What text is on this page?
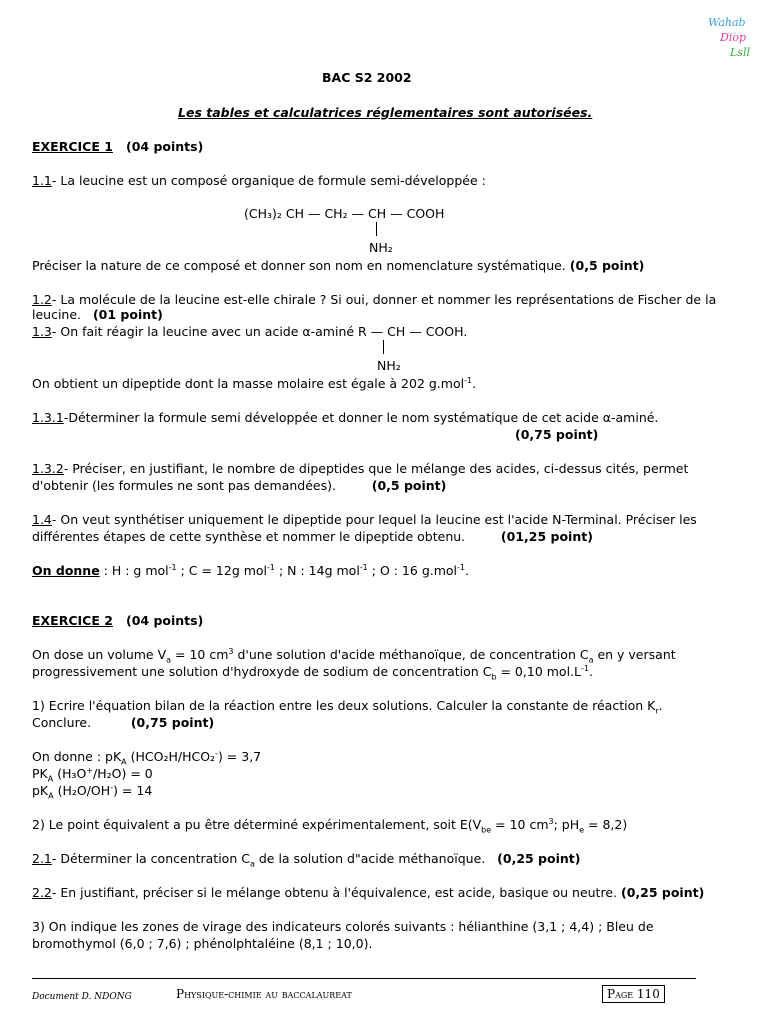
Wahab
Diop
Lsll
BAC S2 2002
Les tables et calculatrices réglementaires sont autorisées.
EXERCICE 1 (04 points)
1.1- La leucine est un composé organique de formule semi-développée :
(CH₃)₂ CH — CH₂ — CH — COOH
NH₂
Préciser la nature de ce composé et donner son nom en nomenclature systématique. (0,5 point)
1.2- La molécule de la leucine est-elle chirale ? Si oui, donner et nommer les représentations de Fischer de la
leucine. (01 point)
1.3- On fait réagir la leucine avec un acide α-aminé R — CH — COOH.
NH₂
On obtient un dipeptide dont la masse molaire est égale à 202 g.mol$^{-1}$.
1.3.1-Déterminer la formule semi développée et donner le nom systématique de cet acide α-aminé.
(0,75 point)
1.3.2- Préciser, en justifiant, le nombre de dipeptides que le mélange des acides, ci-dessus cités, permet
d'obtenir (les formules ne sont pas demandées).	(0,5 point)
1.4- On veut synthétiser uniquement le dipeptide pour lequel la leucine est l'acide N-Terminal. Préciser les
différentes étapes de cette synthèse et nommer le dipeptide obtenu.	(01,25 point)
On donne : H : g mol$^{-1}$ ; C = 12g mol$^{-1}$ ; N : 14g mol$^{-1}$ ; O : 16 g.mol$^{-1}$.
EXERCICE 2 (04 points)
On dose un volume $V_a = 10$ $cm^3$ d'une solution d'acide méthanoïque, de concentration $C_a$ en y versant
progressivement une solution d'hydroxyde de sodium de concentration $C_b = 0,10$ $mol.L^{-1}$.
1) Ecrire l'équation bilan de la réaction entre les deux solutions. Calculer la constante de réaction $K_r$.
Conclure.	(0,75 point)
On donne : $pK_A$ (HCO₂H/HCO₂-) = 3,7
$PK_A$ (H₃O+/H₂O) = 0
$pK_A$ (H₂O/OH-) = 14
2) Le point équivalent a pu être déterminé expérimentalement, soit $E(V_{be} = 10$ $cm^3$; $pH_e = 8,2$)
2.1- Déterminer la concentration $C_a$ de la solution d"acide méthanoïque. (0,25 point)
2.2- En justifiant, préciser si le mélange obtenu à l'équivalence, est acide, basique ou neutre. (0,25 point)
3) On indique les zones de virage des indicateurs colorés suivants : hélianthine (3,1 ; 4,4) ; Bleu de
bromothymol (6,0 ; 7,6) ; phénolphtaléine (8,1 ; 10,0).
Document D. NDONG	Physique-chimie au baccalaureat	Page 110
